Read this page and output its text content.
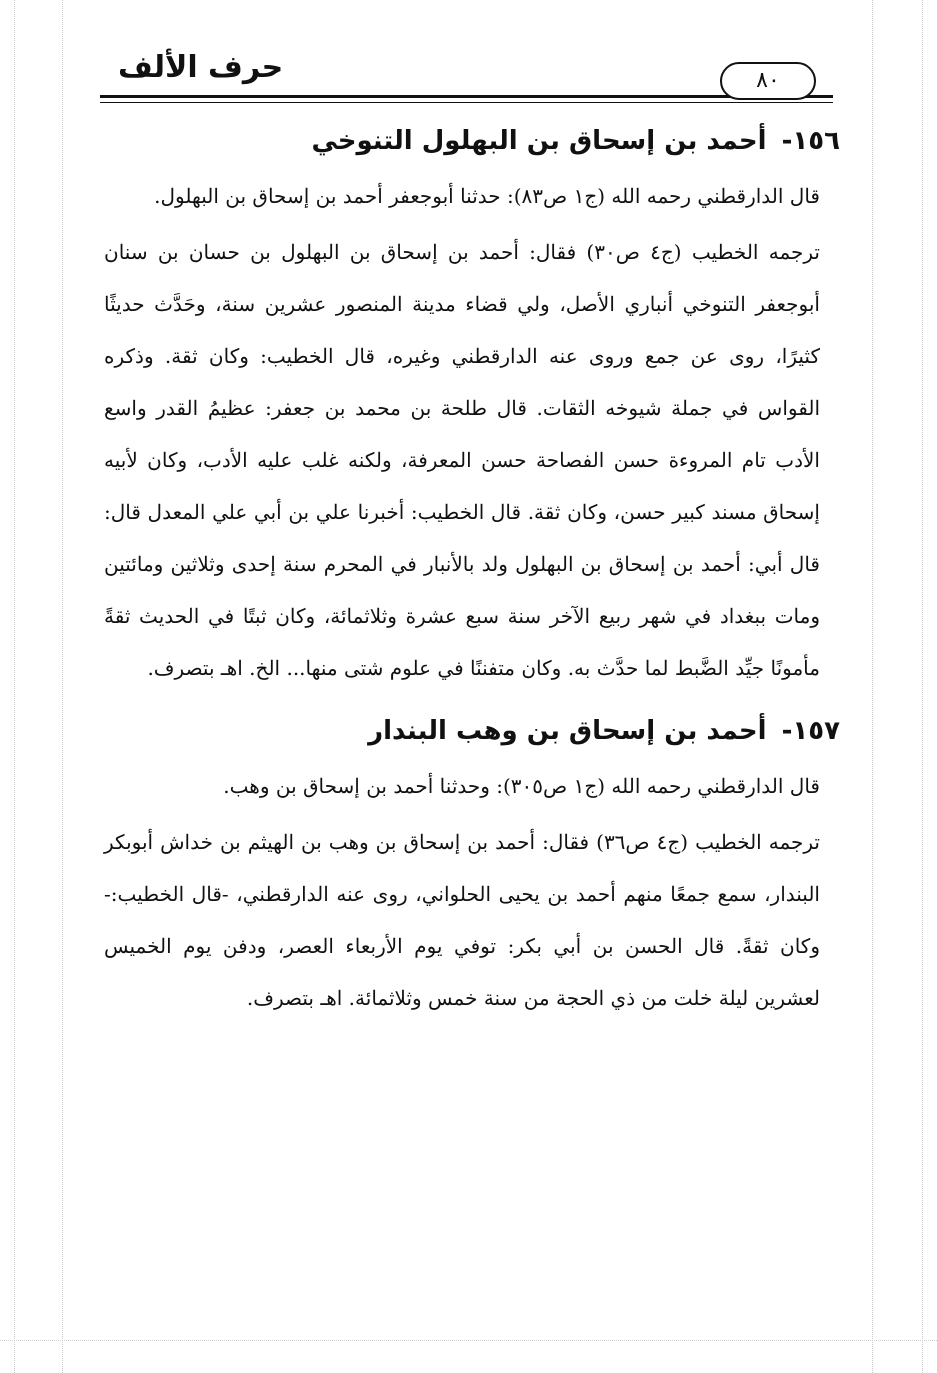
حرف الألف	٨٠
١٥٦- أحمد بن إسحاق بن البهلول التنوخي

قال الدارقطني رحمه الله (ج١ ص٨٣): حدثنا أبوجعفر أحمد بن إسحاق بن البهلول.

ترجمه الخطيب (ج٤ ص٣٠) فقال: أحمد بن إسحاق بن البهلول بن حسان بن سنان أبوجعفر التنوخي أنباري الأصل، ولي قضاء مدينة المنصور عشرين سنة، وحَدَّث حديثًا كثيرًا، روى عن جمع وروى عنه الدارقطني وغيره، قال الخطيب: وكان ثقة. وذكره القواس في جملة شيوخه الثقات. قال طلحة بن محمد بن جعفر: عظيمُ القدر واسع الأدب تام المروءة حسن الفصاحة حسن المعرفة، ولكنه غلب عليه الأدب، وكان لأبيه إسحاق مسند كبير حسن، وكان ثقة. قال الخطيب: أخبرنا علي بن أبي علي المعدل قال: قال أبي: أحمد بن إسحاق بن البهلول ولد بالأنبار في المحرم سنة إحدى وثلاثين ومائتين ومات ببغداد في شهر ربيع الآخر سنة سبع عشرة وثلاثمائة، وكان ثبتًا في الحديث ثقةً مأمونًا جيِّد الضَّبط لما حدَّث به. وكان متفننًا في علوم شتى منها... الخ. اهـ بتصرف.

١٥٧- أحمد بن إسحاق بن وهب البندار

قال الدارقطني رحمه الله (ج١ ص٣٠٥): وحدثنا أحمد بن إسحاق بن وهب.

ترجمه الخطيب (ج٤ ص٣٦) فقال: أحمد بن إسحاق بن وهب بن الهيثم بن خداش أبوبكر البندار، سمع جمعًا منهم أحمد بن يحيى الحلواني، روى عنه الدارقطني، -قال الخطيب:- وكان ثقةً. قال الحسن بن أبي بكر: توفي يوم الأربعاء العصر، ودفن يوم الخميس لعشرين ليلة خلت من ذي الحجة من سنة خمس وثلاثمائة. اهـ بتصرف.
